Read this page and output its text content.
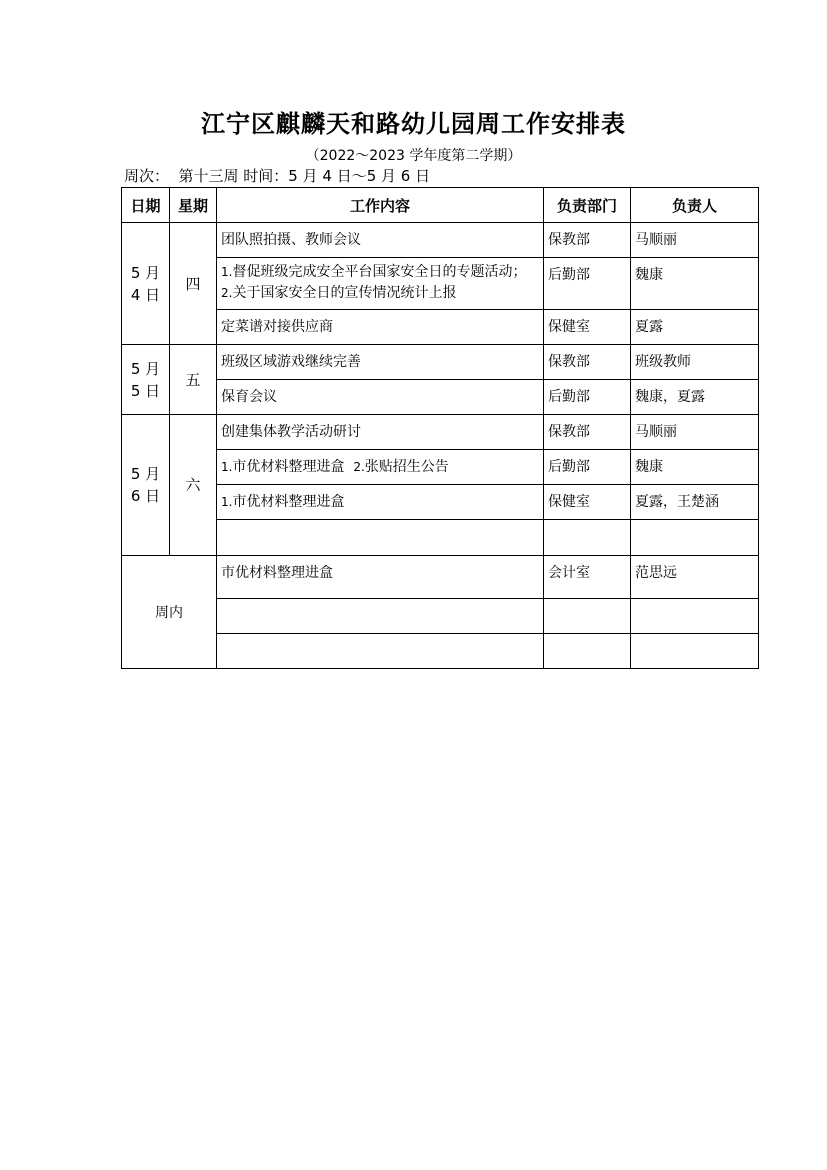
江宁区麒麟天和路幼儿园周工作安排表
（2022～2023 学年度第二学期）
周次：  第十三周 时间：5 月 4 日～5 月 6 日
日期	星期	工作内容	负责部门	负责人

5 月
4 日	四	团队照拍摄、教师会议	保教部	马顺丽

		1.督促班级完成安全平台国家安全日的专题活动；
2.关于国家安全日的宣传情况统计上报	后勤部	魏康
		定菜谱对接供应商	保健室	夏露

5 月
5 日	五	班级区域游戏继续完善	保教部	班级教师
		保育会议	后勤部	魏康，夏露

5 月
6 日	六	创建集体教学活动研讨	保教部	马顺丽

		1.市优材料整理进盒  2.张贴招生公告	后勤部	魏康

		1.市优材料整理进盒	保健室	夏露，王楚涵

周内		市优材料整理进盒	会计室	范思远
